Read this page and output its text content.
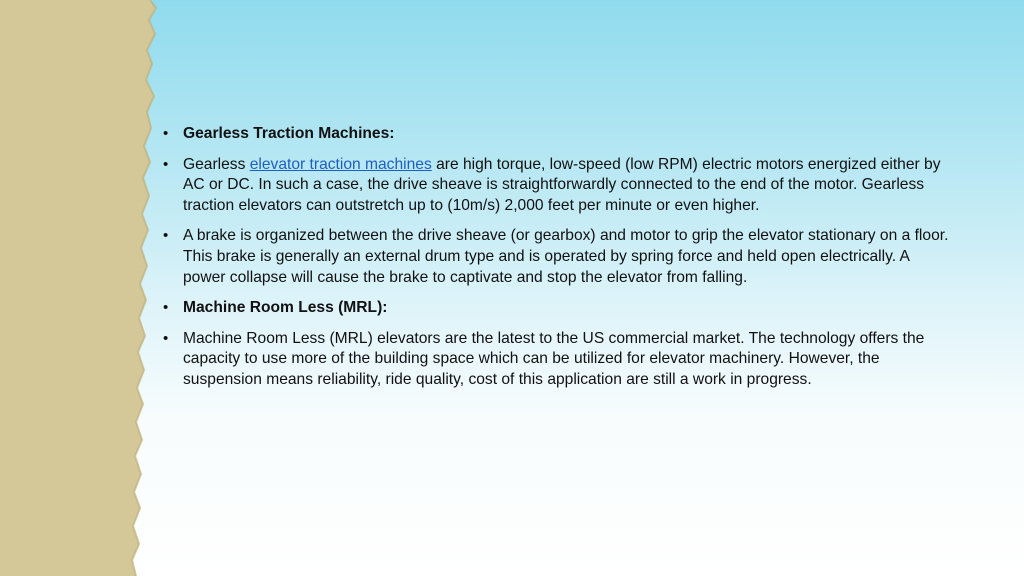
• Gearless Traction Machines:
• Gearless elevator traction machines are high torque, low-speed (low RPM) electric motors energized either by AC or DC. In such a case, the drive sheave is straightforwardly connected to the end of the motor. Gearless traction elevators can outstretch up to (10m/s) 2,000 feet per minute or even higher.
• A brake is organized between the drive sheave (or gearbox) and motor to grip the elevator stationary on a floor. This brake is generally an external drum type and is operated by spring force and held open electrically. A power collapse will cause the brake to captivate and stop the elevator from falling.
• Machine Room Less (MRL):
• Machine Room Less (MRL) elevators are the latest to the US commercial market. The technology offers the capacity to use more of the building space which can be utilized for elevator machinery. However, the suspension means reliability, ride quality, cost of this application are still a work in progress.
